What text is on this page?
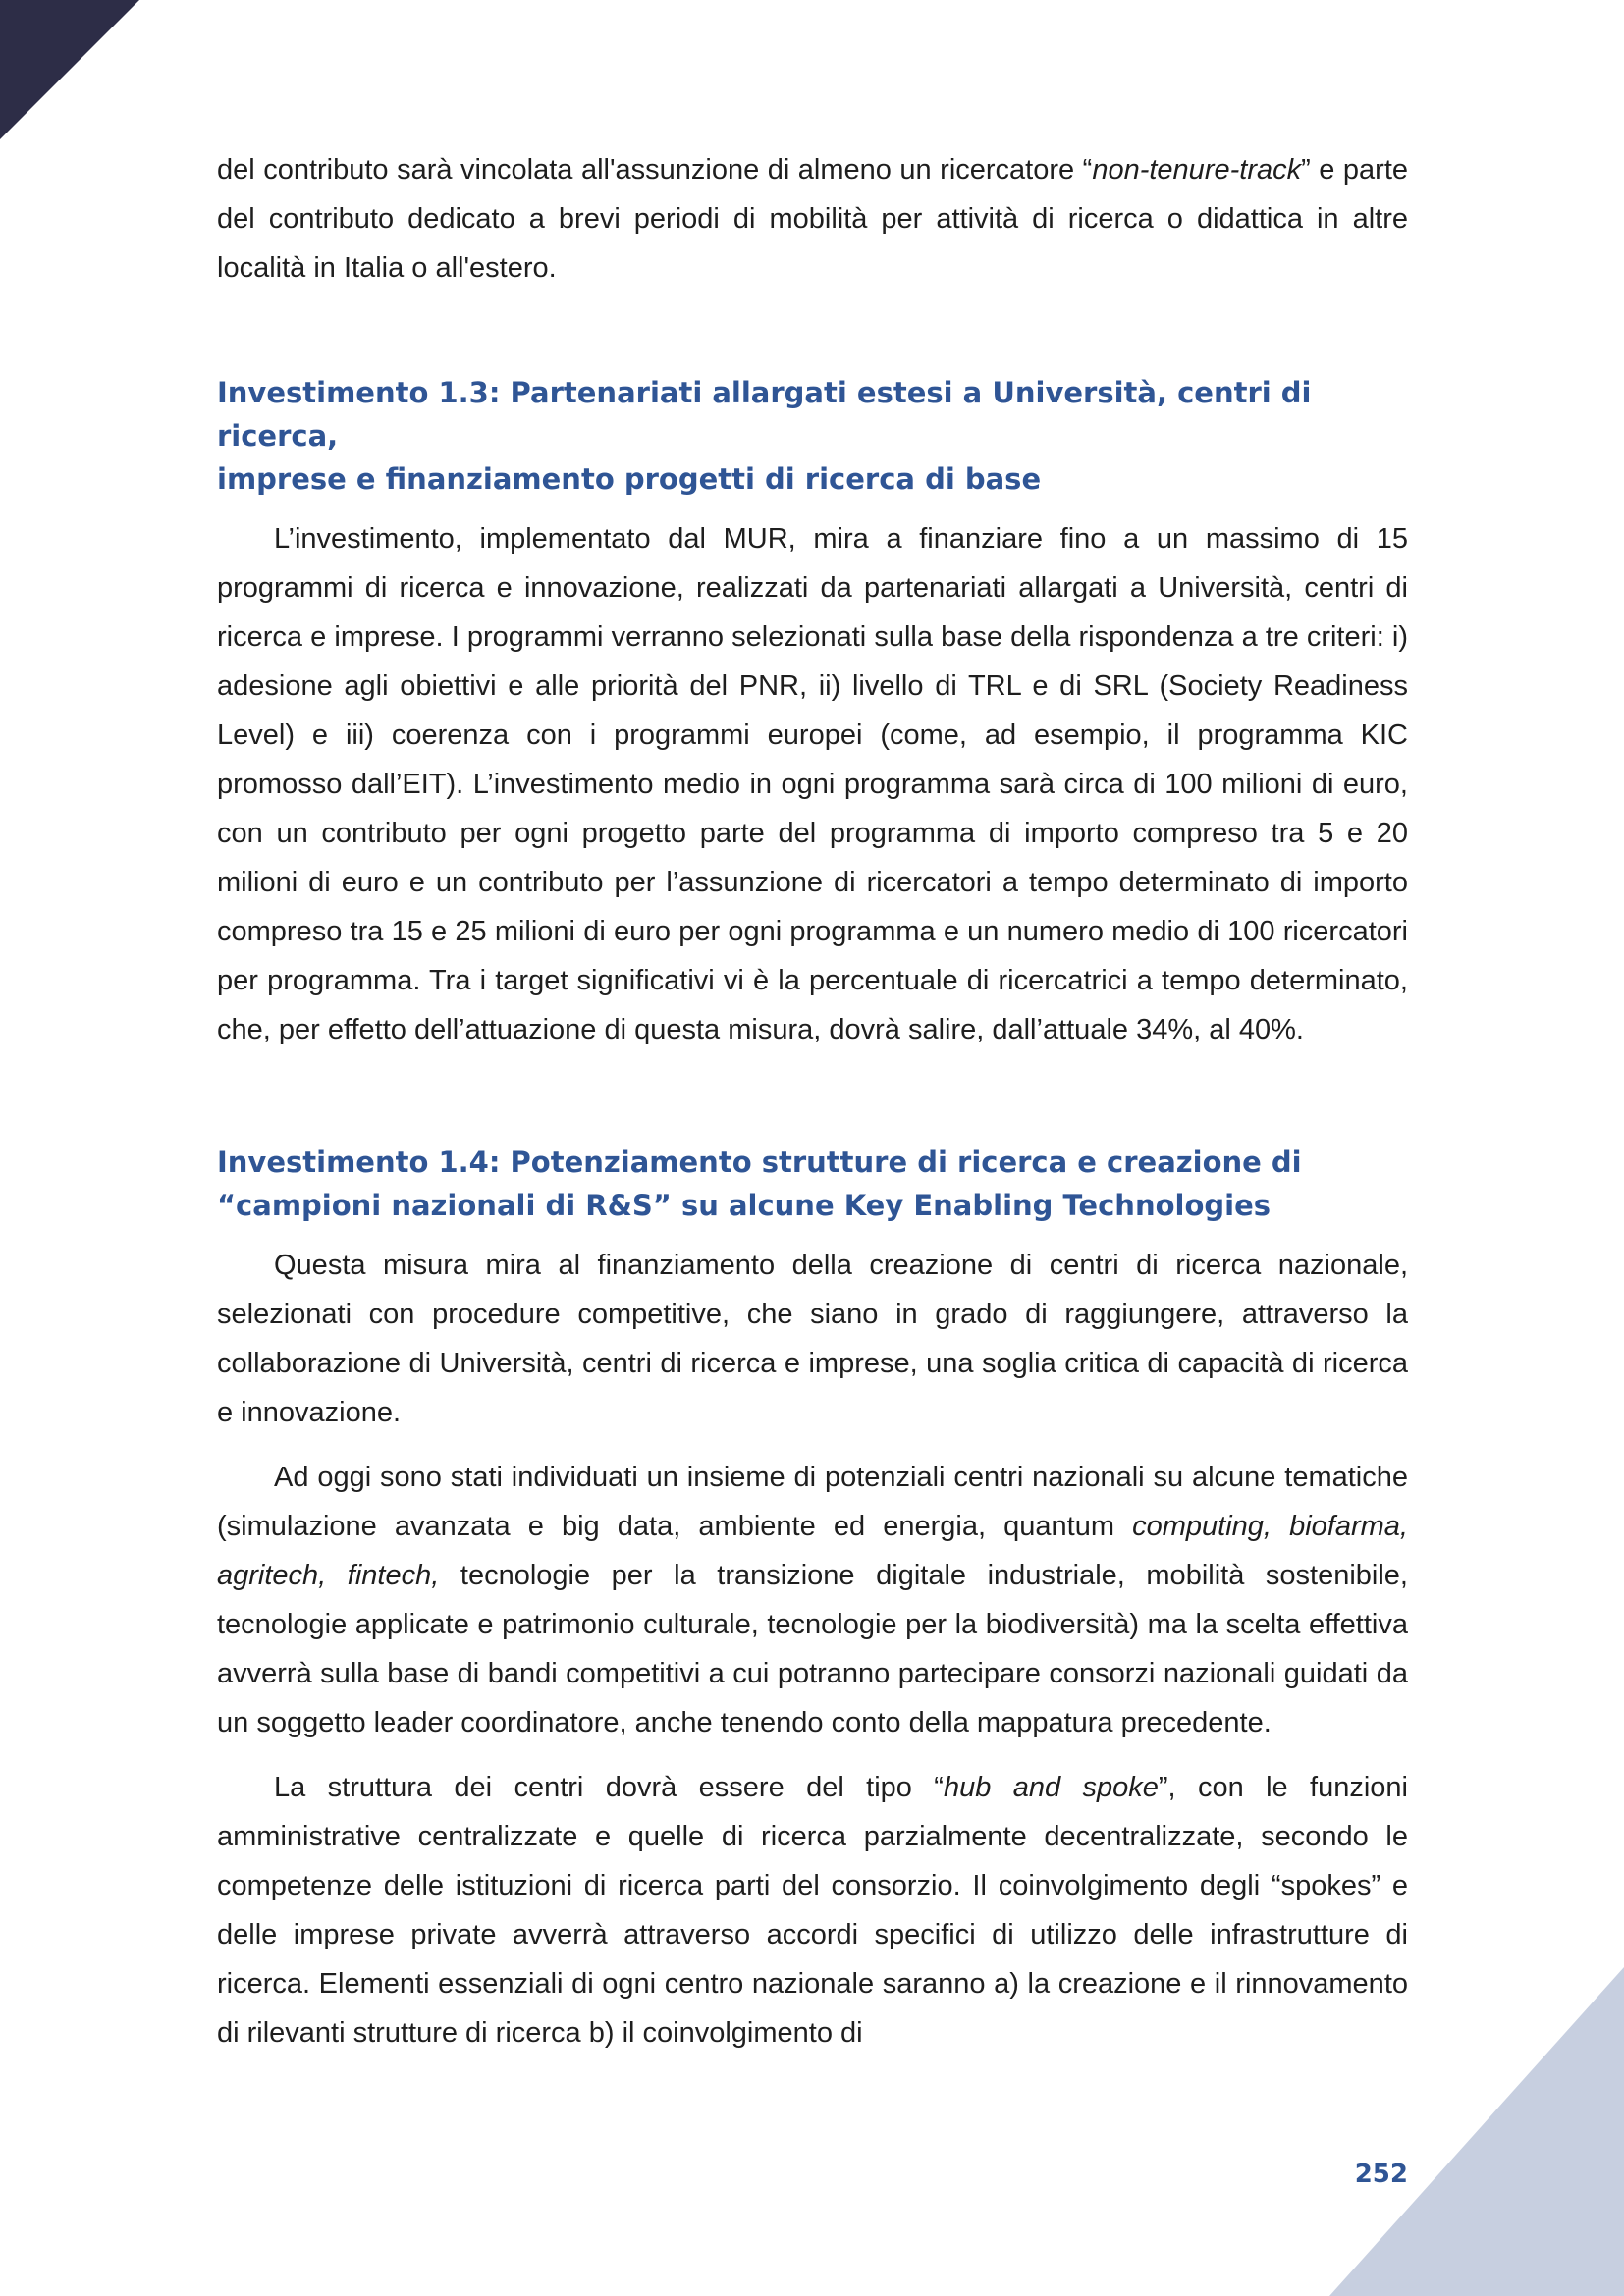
del contributo sarà vincolata all'assunzione di almeno un ricercatore “non-tenure-track” e parte del contributo dedicato a brevi periodi di mobilità per attività di ricerca o didattica in altre località in Italia o all'estero.

Investimento 1.3: Partenariati allargati estesi a Università, centri di ricerca,
imprese e finanziamento progetti di ricerca di base

L’investimento, implementato dal MUR, mira a finanziare fino a un massimo di 15 programmi di ricerca e innovazione, realizzati da partenariati allargati a Università, centri di ricerca e imprese. I programmi verranno selezionati sulla base della rispondenza a tre criteri: i) adesione agli obiettivi e alle priorità del PNR, ii) livello di TRL e di SRL (Society Readiness Level) e iii) coerenza con i programmi europei (come, ad esempio, il programma KIC promosso dall’EIT). L’investimento medio in ogni programma sarà circa di 100 milioni di euro, con un contributo per ogni progetto parte del programma di importo compreso tra 5 e 20 milioni di euro e un contributo per l’assunzione di ricercatori a tempo determinato di importo compreso tra 15 e 25 milioni di euro per ogni programma e un numero medio di 100 ricercatori per programma. Tra i target significativi vi è la percentuale di ricercatrici a tempo determinato, che, per effetto dell’attuazione di questa misura, dovrà salire, dall’attuale 34%, al 40%.

Investimento 1.4: Potenziamento strutture di ricerca e creazione di
“campioni nazionali di R&S” su alcune Key Enabling Technologies

Questa misura mira al finanziamento della creazione di centri di ricerca nazionale, selezionati con procedure competitive, che siano in grado di raggiungere, attraverso la collaborazione di Università, centri di ricerca e imprese, una soglia critica di capacità di ricerca e innovazione.

Ad oggi sono stati individuati un insieme di potenziali centri nazionali su alcune tematiche (simulazione avanzata e big data, ambiente ed energia, quantum computing, biofarma, agritech, fintech, tecnologie per la transizione digitale industriale, mobilità sostenibile, tecnologie applicate e patrimonio culturale, tecnologie per la biodiversità) ma la scelta effettiva avverrà sulla base di bandi competitivi a cui potranno partecipare consorzi nazionali guidati da un soggetto leader coordinatore, anche tenendo conto della mappatura precedente.

La struttura dei centri dovrà essere del tipo “hub and spoke”, con le funzioni amministrative centralizzate e quelle di ricerca parzialmente decentralizzate, secondo le competenze delle istituzioni di ricerca parti del consorzio. Il coinvolgimento degli “spokes” e delle imprese private avverrà attraverso accordi specifici di utilizzo delle infrastrutture di ricerca. Elementi essenziali di ogni centro nazionale saranno a) la creazione e il rinnovamento di rilevanti strutture di ricerca b) il coinvolgimento di

252
